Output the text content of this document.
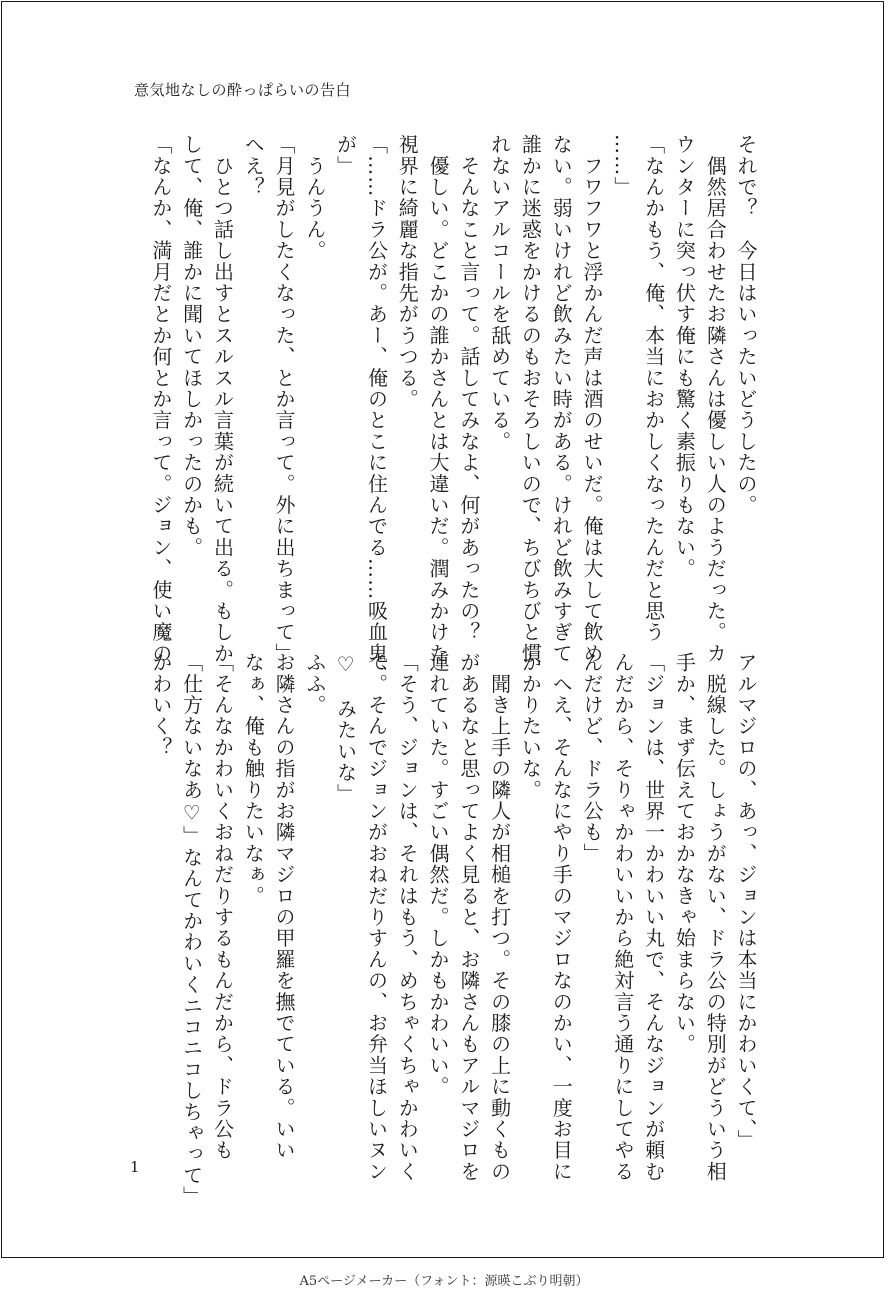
意気地なしの酔っぱらいの告白
それで？　今日はいったいどうしたの。
　偶然居合わせたお隣さんは優しい人のようだった。カ
ウンターに突っ伏す俺にも驚く素振りもない。
「なんかもう、俺、本当におかしくなったんだと思う
……」
　フワフワと浮かんだ声は酒のせいだ。俺は大して飲め
ない。弱いけれど飲みたい時がある。けれど飲みすぎて
誰かに迷惑をかけるのもおそろしいので、ちびちびと慣
れないアルコールを舐めている。
　そんなこと言って。話してみなよ、何があったの？
　優しい。どこかの誰かさんとは大違いだ。潤みかけた
視界に綺麗な指先がうつる。
「……ドラ公が。あー、俺のとこに住んでる……吸血鬼、
が」
　うんうん。
「月見がしたくなった、とか言って。外に出ちまって」
へえ？
　ひとつ話し出すとスルスル言葉が続いて出る。もしか
して、俺、誰かに聞いてほしかったのかも。
「なんか、満月だとか何とか言って。ジョン、使い魔の
アルマジロの、あっ、ジョンは本当にかわいくて、」
　脱線した。しょうがない、ドラ公の特別がどういう相
手か、まず伝えておかなきゃ始まらない。
「ジョンは、世界一かわいい丸で、そんなジョンが頼む
んだから、そりゃかわいいから絶対言う通りにしてやる
んだけど、ドラ公も」
　へえ、そんなにやり手のマジロなのかい、一度お目に
かかりたいな。
　聞き上手の隣人が相槌を打つ。その膝の上に動くもの
があるなと思ってよく見ると、お隣さんもアルマジロを
連れていた。すごい偶然だ。しかもかわいい。
「そう、ジョンは、それはもう、めちゃくちゃかわいく
て。そんでジョンがおねだりすんの、お弁当ほしいヌン
♡　みたいな」
ふふ。
お隣さんの指がお隣マジロの甲羅を撫でている。いい
なぁ、俺も触りたいなぁ。
「そんなかわいくおねだりするもんだから、ドラ公も
「仕方ないなあ♡」なんてかわいくニコニコしちゃって」
かわいく？
1
A5ページメーカー（フォント：源暎こぶり明朝）
